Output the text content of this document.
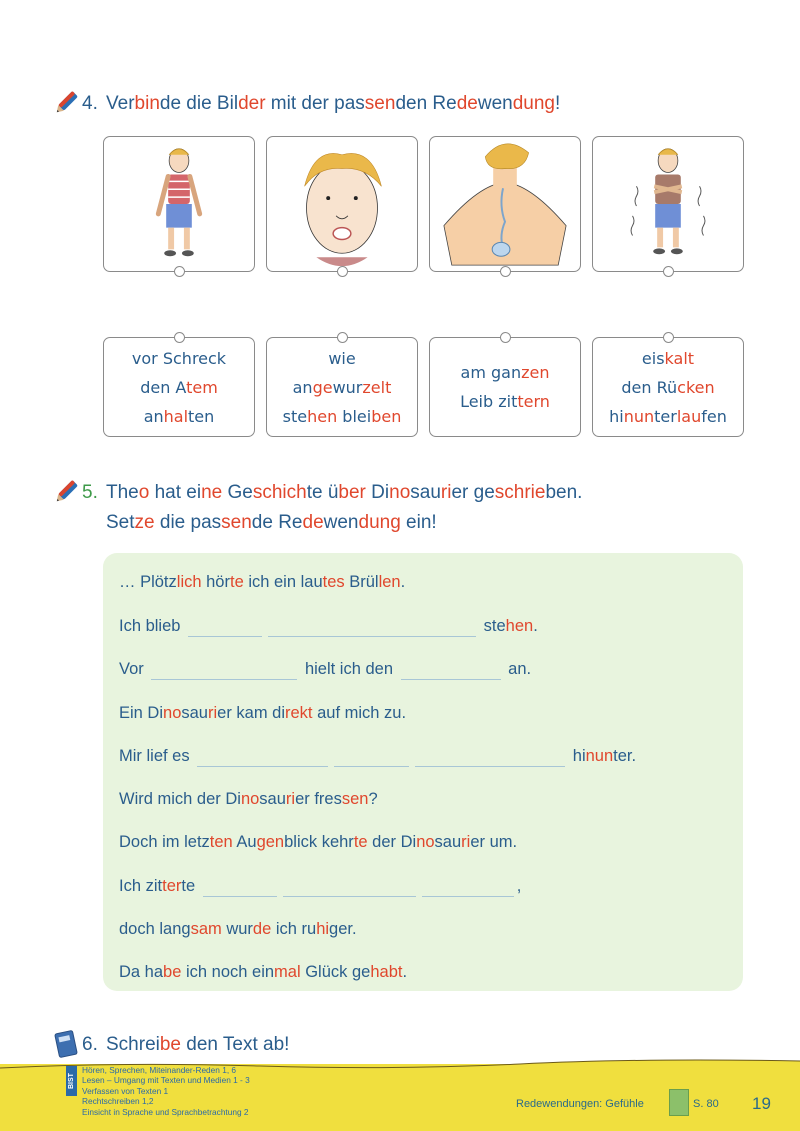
4. Verbinde die Bilder mit der passenden Redewendung!
vor Schreck
den Atem
anhalten
wie
angewurzelt
stehen bleiben
am ganzen
Leib zittern
eiskalt
den Rücken
hinunterlaufen
5. Theo hat eine Geschichte über Dinosaurier geschrieben.
Setze die passende Redewendung ein!
… Plötz lich hör te ich ein lau tes Brül len .
Ich blieb	ste hen .
Vor	hielt ich den	an.
Ein Di no sau ri er kam di rekt auf mich zu.
Mir lief es	hi nun ter.
Wird mich der Di no sau ri er fres sen ?
Doch im letz ten Au gen blick kehr te der Di no sau ri er um.
Ich zit ter te	,
doch lang sam wur de ich ru hi ger.
Da ha be ich noch ein mal Glück ge habt .
6. Schreibe den Text ab!
BIST
Hören, Sprechen, Miteinander-Reden 1, 6
Lesen – Umgang mit Texten und Medien 1 - 3
Verfassen von Texten 1
Rechtschreiben 1,2
Einsicht in Sprache und Sprachbetrachtung 2
Redewendungen: Gefühle	S. 80 19
